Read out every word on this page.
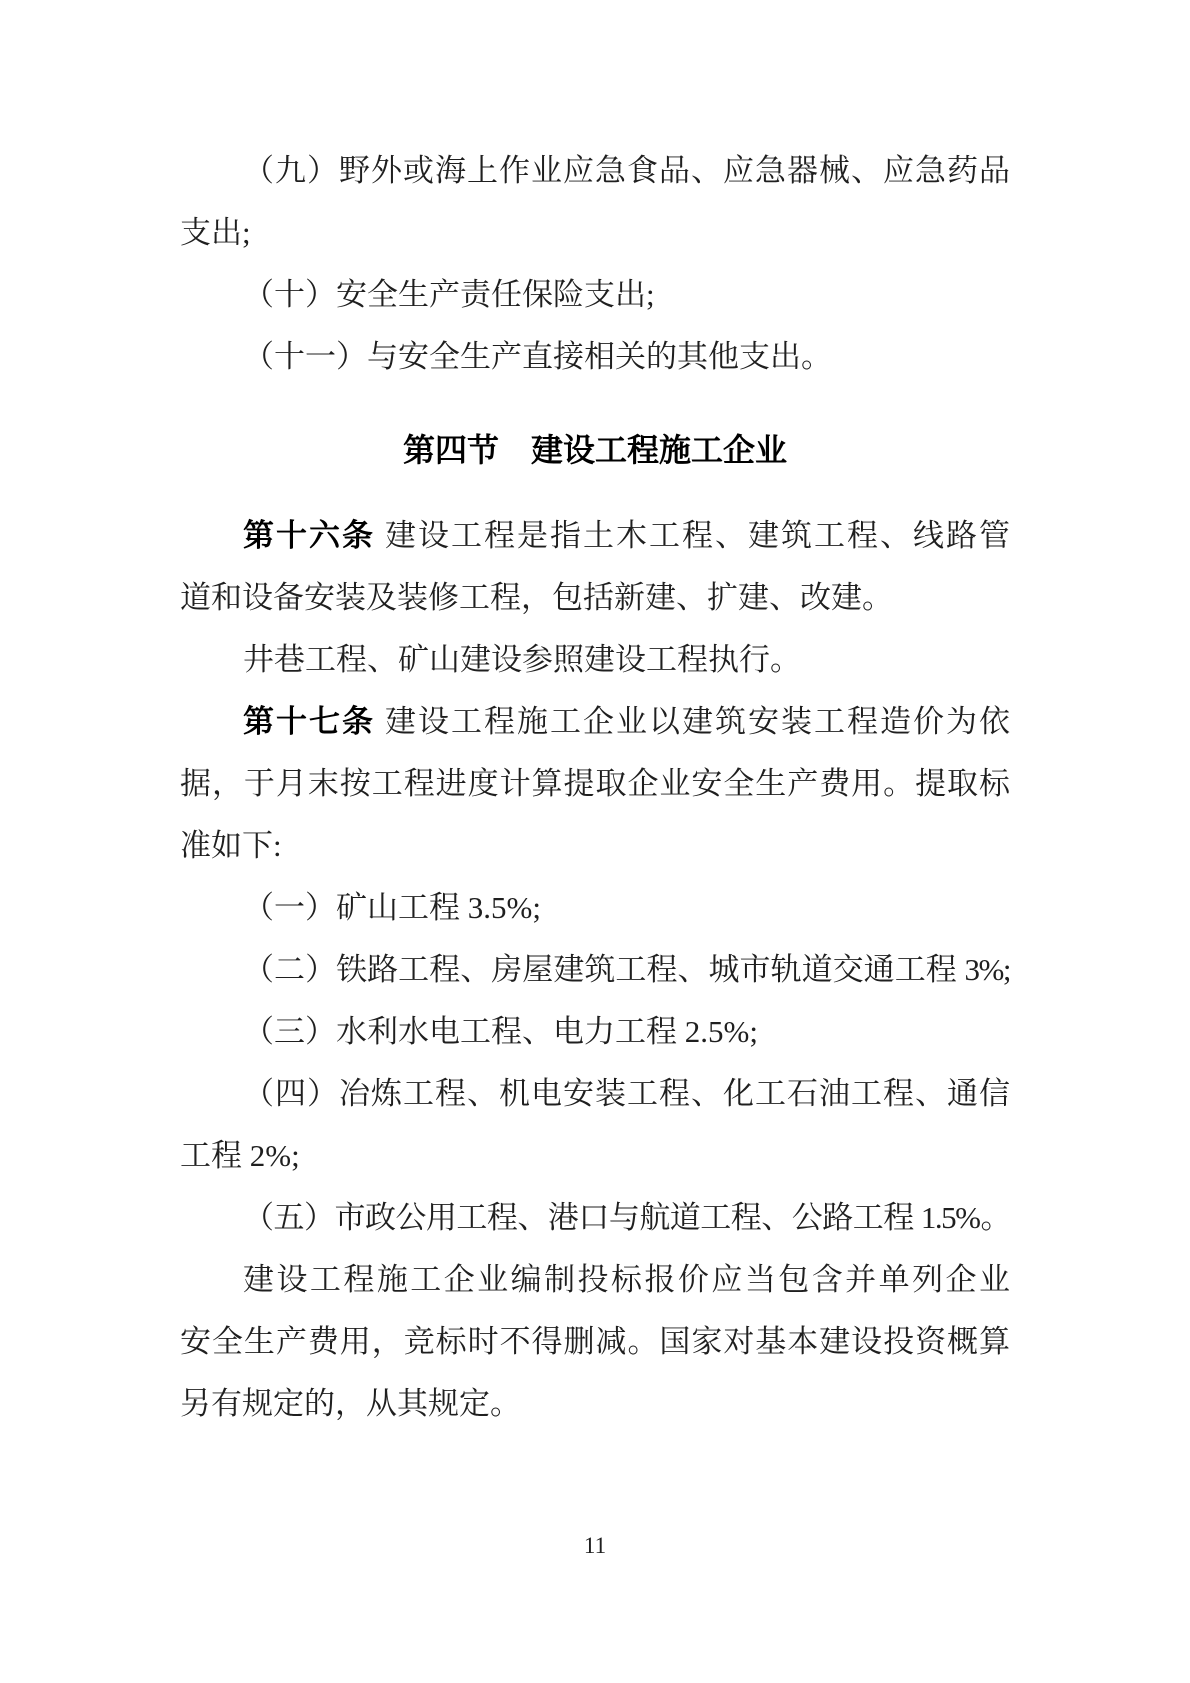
（九）野外或海上作业应急食品、应急器械、应急药品
支出;
（十）安全生产责任保险支出;
（十一）与安全生产直接相关的其他支出。
第四节　建设工程施工企业
第十六条 建设工程是指土木工程、建筑工程、线路管
道和设备安装及装修工程，包括新建、扩建、改建。
井巷工程、矿山建设参照建设工程执行。
第十七条 建设工程施工企业以建筑安装工程造价为依
据，于月末按工程进度计算提取企业安全生产费用。提取标
准如下:
（一）矿山工程 3.5%;
（二）铁路工程、房屋建筑工程、城市轨道交通工程 3%;
（三）水利水电工程、电力工程 2.5%;
（四）冶炼工程、机电安装工程、化工石油工程、通信
工程 2%;
（五）市政公用工程、港口与航道工程、公路工程 1.5%。
建设工程施工企业编制投标报价应当包含并单列企业
安全生产费用，竞标时不得删减。国家对基本建设投资概算
另有规定的，从其规定。
11
